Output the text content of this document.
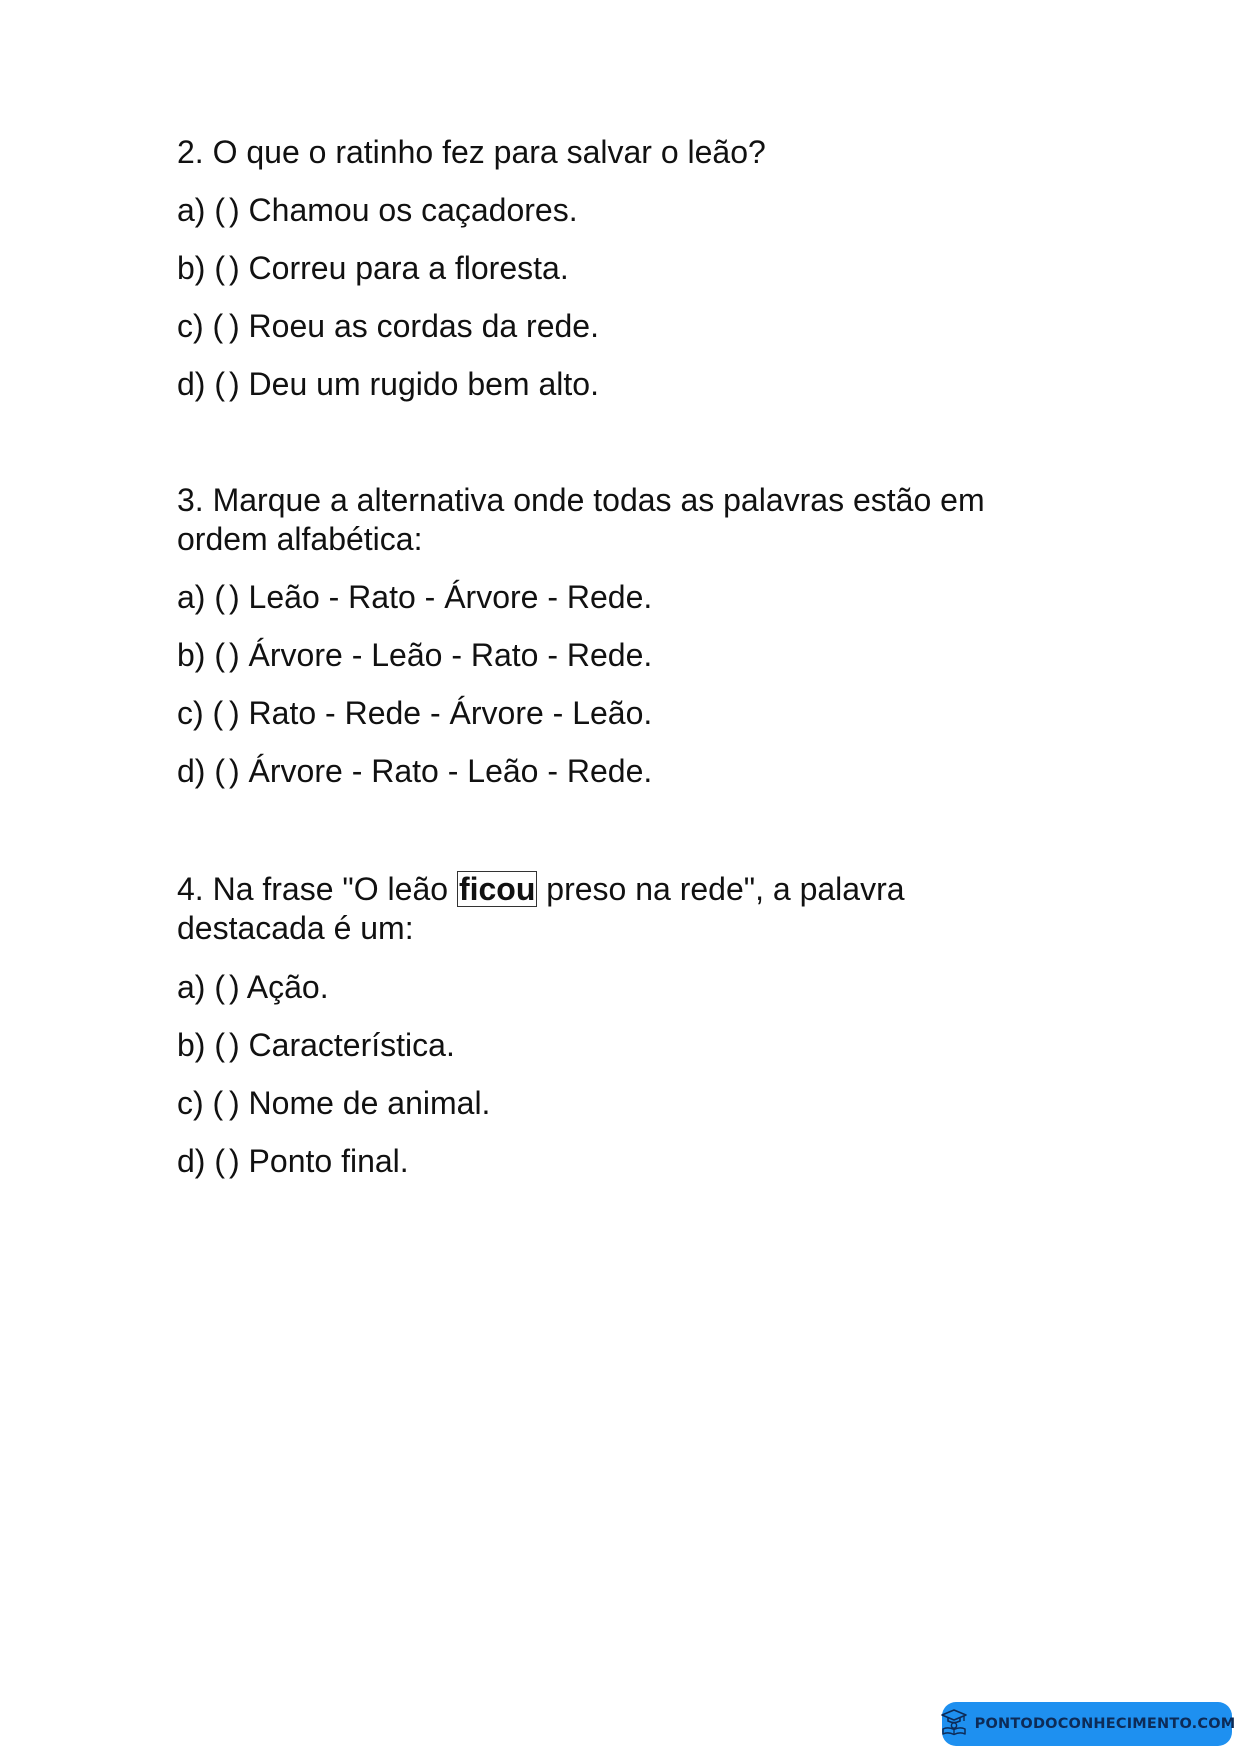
2. O que o ratinho fez para salvar o leão?
a) ( ) Chamou os caçadores.
b) ( ) Correu para a floresta.
c) ( ) Roeu as cordas da rede.
d) ( ) Deu um rugido bem alto.
3. Marque a alternativa onde todas as palavras estão em
ordem alfabética:
a) ( ) Leão - Rato - Árvore - Rede.
b) ( ) Árvore - Leão - Rato - Rede.
c) ( ) Rato - Rede - Árvore - Leão.
d) ( ) Árvore - Rato - Leão - Rede.
4. Na frase "O leão ficou preso na rede", a palavra
destacada é um:
a) ( ) Ação.
b) ( ) Característica.
c) ( ) Nome de animal.
d) ( ) Ponto final.
PONTODOCONHECIMENTO.COM
